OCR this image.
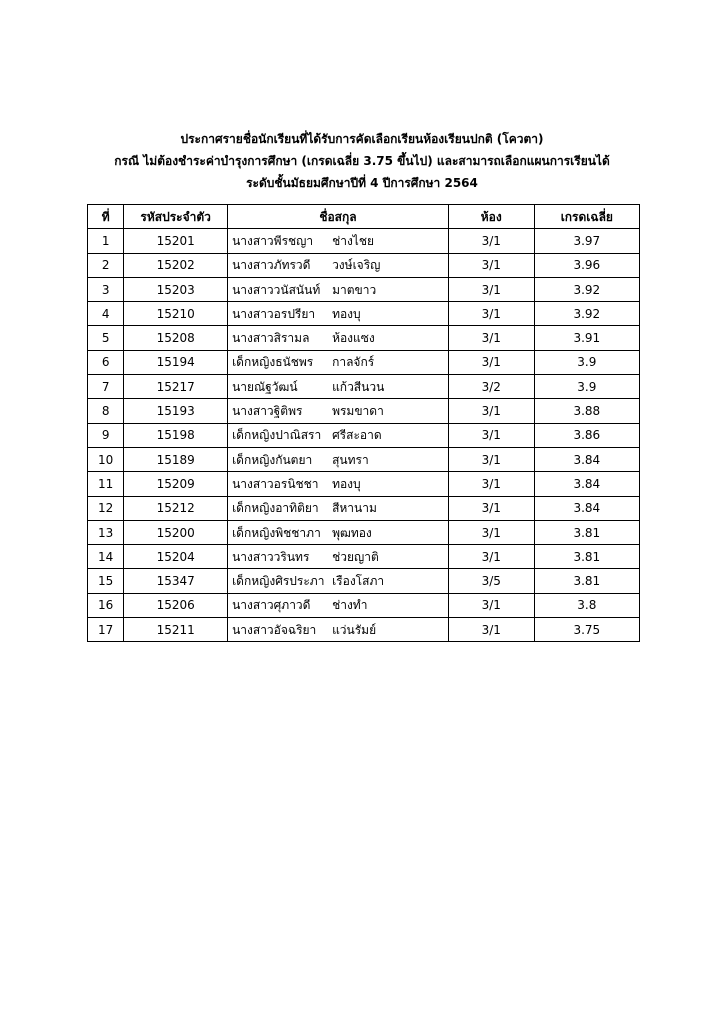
ประกาศรายชื่อนักเรียนที่ได้รับการคัดเลือกเรียนห้องเรียนปกติ (โควตา)
กรณี ไม่ต้องชำระค่าบำรุงการศึกษา (เกรดเฉลี่ย 3.75 ขึ้นไป) และสามารถเลือกแผนการเรียนได้
ระดับชั้นมัธยมศึกษาปีที่ 4 ปีการศึกษา 2564
ที่	รหัสประจำตัว	ชื่อสกุล	ห้อง	เกรดเฉลี่ย
1	15201	นางสาวพีรชญา ช่างไชย	3/1	3.97
2	15202	นางสาวภัทรวดี วงษ์เจริญ	3/1	3.96
3	15203	นางสาววนัสนันท์ มาตขาว	3/1	3.92
4	15210	นางสาวอรปรียา ทองบุ	3/1	3.92
5	15208	นางสาวสิรามล ห้องแซง	3/1	3.91
6	15194	เด็กหญิงธนัชพร กาลจักร์	3/1	3.9
7	15217	นายณัฐวัฒน์ แก้วสีนวน	3/2	3.9
8	15193	นางสาวฐิติพร พรมขาดา	3/1	3.88
9	15198	เด็กหญิงปาณิสรา ศรีสะอาด	3/1	3.86
10	15189	เด็กหญิงกันตยา สุนทรา	3/1	3.84
11	15209	นางสาวอรนิชชา ทองบุ	3/1	3.84
12	15212	เด็กหญิงอาทิติยา สีหานาม	3/1	3.84
13	15200	เด็กหญิงพิชชาภา พุฒทอง	3/1	3.81
14	15204	นางสาววรินทร ช่วยญาติ	3/1	3.81
15	15347	เด็กหญิงศิรประภา เรืองโสภา	3/5	3.81
16	15206	นางสาวศุภาวดี ช่างทำ	3/1	3.8
17	15211	นางสาวอัจฉริยา แว่นรัมย์	3/1	3.75
